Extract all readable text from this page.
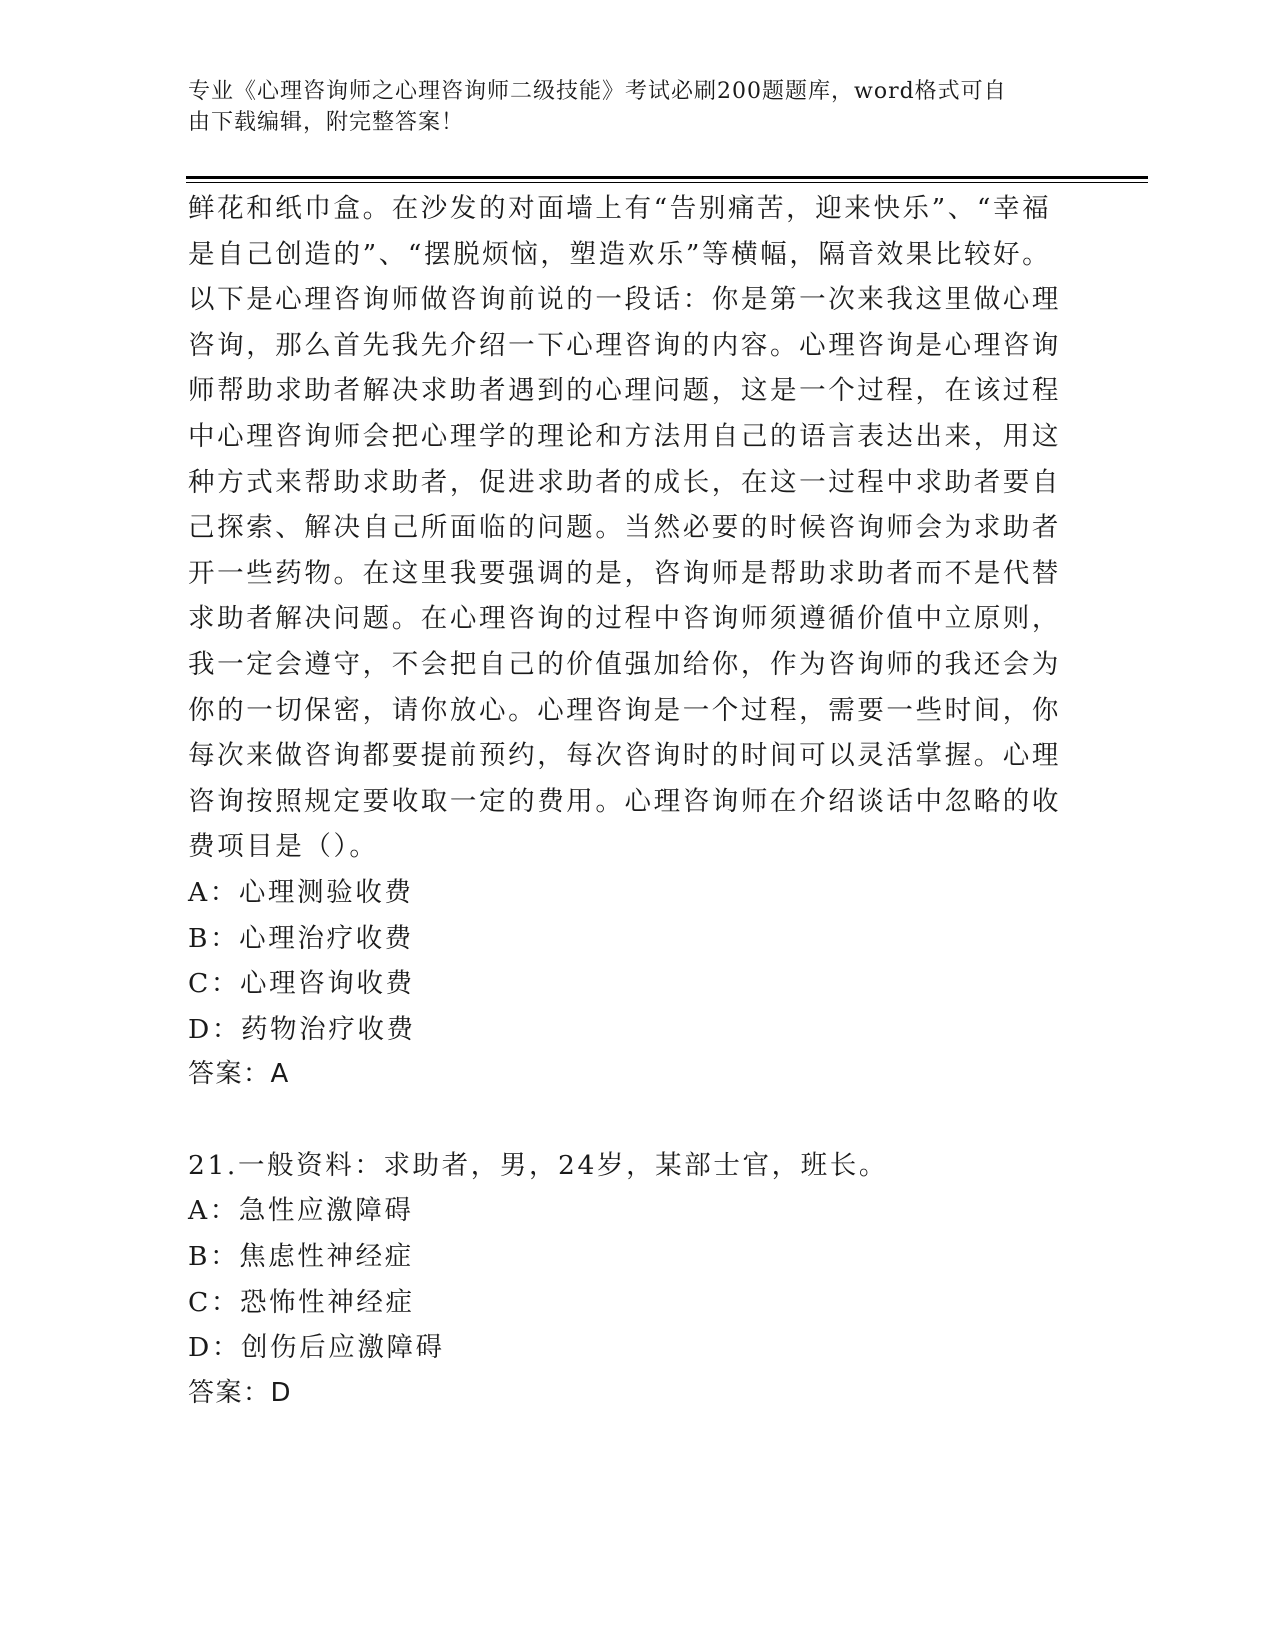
专业《心理咨询师之心理咨询师二级技能》考试必刷200题题库，word格式可自
由下载编辑，附完整答案！

鲜花和纸巾盒。在沙发的对面墙上有“告别痛苦，迎来快乐”、“幸福是自己创造的”、“摆脱烦恼，塑造欢乐”等横幅，隔音效果比较好。以下是心理咨询师做咨询前说的一段话：你是第一次来我这里做心理咨询，那么首先我先介绍一下心理咨询的内容。心理咨询是心理咨询师帮助求助者解决求助者遇到的心理问题，这是一个过程，在该过程中心理咨询师会把心理学的理论和方法用自己的语言表达出来，用这种方式来帮助求助者，促进求助者的成长，在这一过程中求助者要自己探索、解决自己所面临的问题。当然必要的时候咨询师会为求助者开一些药物。在这里我要强调的是，咨询师是帮助求助者而不是代替求助者解决问题。在心理咨询的过程中咨询师须遵循价值中立原则，我一定会遵守，不会把自己的价值强加给你，作为咨询师的我还会为你的一切保密，请你放心。心理咨询是一个过程，需要一些时间，你每次来做咨询都要提前预约，每次咨询时的时间可以灵活掌握。心理咨询按照规定要收取一定的费用。心理咨询师在介绍谈话中忽略的收费项目是（）。

A：心理测验收费
B：心理治疗收费
C：心理咨询收费
D：药物治疗收费
答案：A

21.一般资料：求助者，男，24岁，某部士官，班长。

A：急性应激障碍
B：焦虑性神经症
C：恐怖性神经症
D：创伤后应激障碍
答案：D
